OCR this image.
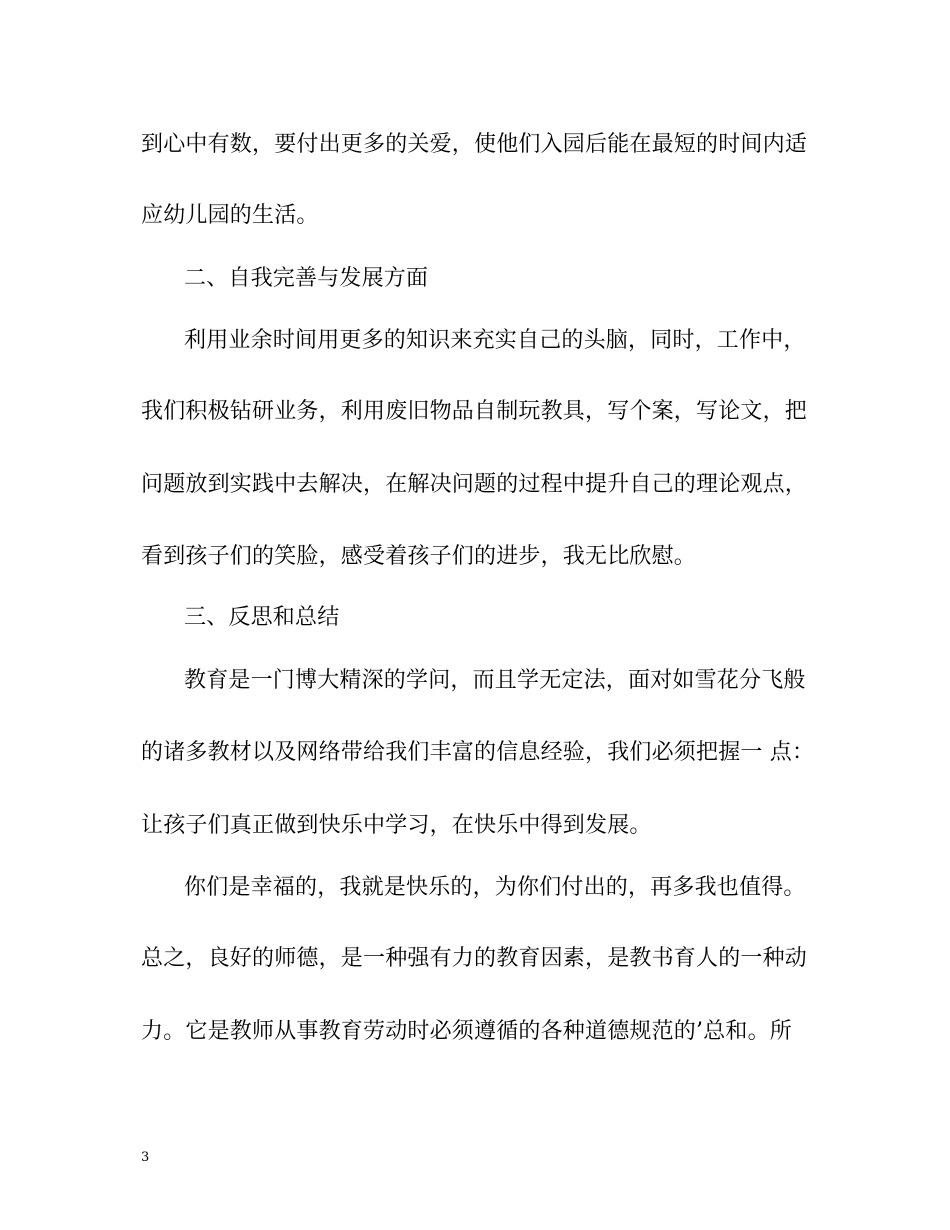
到心中有数，要付出更多的关爱，使他们入园后能在最短的时间内适
应幼儿园的生活。
二、自我完善与发展方面
利用业余时间用更多的知识来充实自己的头脑，同时，工作中，
我们积极钻研业务，利用废旧物品自制玩教具，写个案，写论文，把
问题放到实践中去解决，在解决问题的过程中提升自己的理论观点，
看到孩子们的笑脸，感受着孩子们的进步，我无比欣慰。
三、反思和总结
教育是一门博大精深的学问，而且学无定法，面对如雪花分飞般
的诸多教材以及网络带给我们丰富的信息经验，我们必须把握一 点：
让孩子们真正做到快乐中学习，在快乐中得到发展。
你们是幸福的，我就是快乐的，为你们付出的，再多我也值得。
总之，良好的师德，是一种强有力的教育因素，是教书育人的一种动
力。它是教师从事教育劳动时必须遵循的各种道德规范的’总和。所
3
